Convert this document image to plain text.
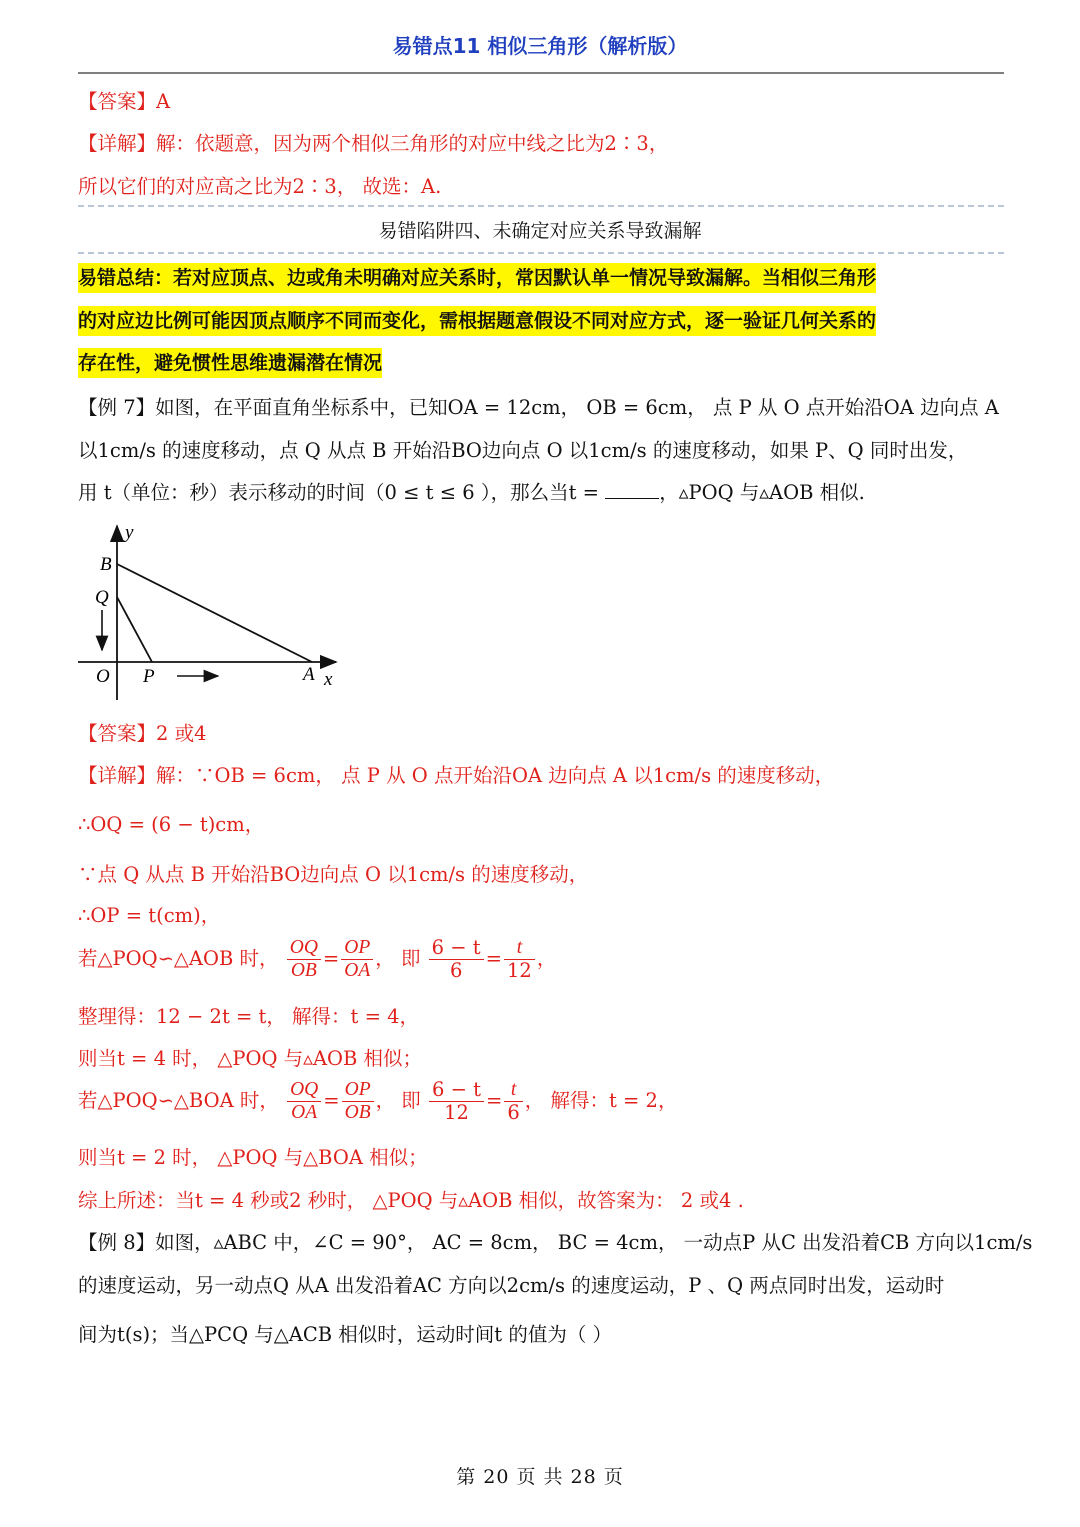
易错点11 相似三角形（解析版）
【答案】A
【详解】解：依题意，因为两个相似三角形的对应中线之比为2∶3，
所以它们的对应高之比为2∶3， 故选：A.
易错陷阱四、未确定对应关系导致漏解
易错总结：若对应顶点、边或角未明确对应关系时，常因默认单一情况导致漏解。当相似三角形
的对应边比例可能因顶点顺序不同而变化，需根据题意假设不同对应方式，逐一验证几何关系的
存在性，避免惯性思维遗漏潜在情况
【例 7】如图，在平面直角坐标系中，已知OA = 12cm， OB = 6cm， 点 P 从 O 点开始沿OA 边向点 A
以1cm/s 的速度移动，点 Q 从点 B 开始沿BO边向点 O 以1cm/s 的速度移动，如果 P、Q 同时出发，
用 t（单位：秒）表示移动的时间（0 ≤ t ≤ 6 ），那么当t =	，▵POQ 与▵AOB 相似.
y
B
Q
O P	A x
【答案】2 或4
【详解】解：∵OB = 6cm， 点 P 从 O 点开始沿OA 边向点 A 以1cm/s 的速度移动，
∴OQ = (6 − t)cm，
∵点 Q 从点 B 开始沿BO边向点 O 以1cm/s 的速度移动，
∴OP = t(cm)，
若△POQ∽△AOB 时， $\frac{OQ}{OB} = \frac{OP}{OA}$ ， 即 $\frac{6 - t}{6} = \frac{t}{12}$ ，
整理得：12 − 2t = t， 解得：t = 4，
则当t = 4 时， △POQ 与▵AOB 相似；
若△POQ∽△BOA 时， $\frac{OQ}{OA} = \frac{OP}{OB}$ ， 即 $\frac{6 - t}{12} = \frac{t}{6}$ ， 解得：t = 2，
则当t = 2 时， △POQ 与△BOA 相似；
综上所述：当t = 4 秒或2 秒时， △POQ 与▵AOB 相似，故答案为： 2 或4 .
【例 8】如图，▵ABC 中，∠C = 90°， AC = 8cm， BC = 4cm， 一动点P 从C 出发沿着CB 方向以1cm/s
的速度运动，另一动点Q 从A 出发沿着AC 方向以2cm/s 的速度运动，P 、Q 两点同时出发，运动时
间为t(s)；当△PCQ 与△ACB 相似时，运动时间t 的值为（ ）
第 20 页 共 28 页
